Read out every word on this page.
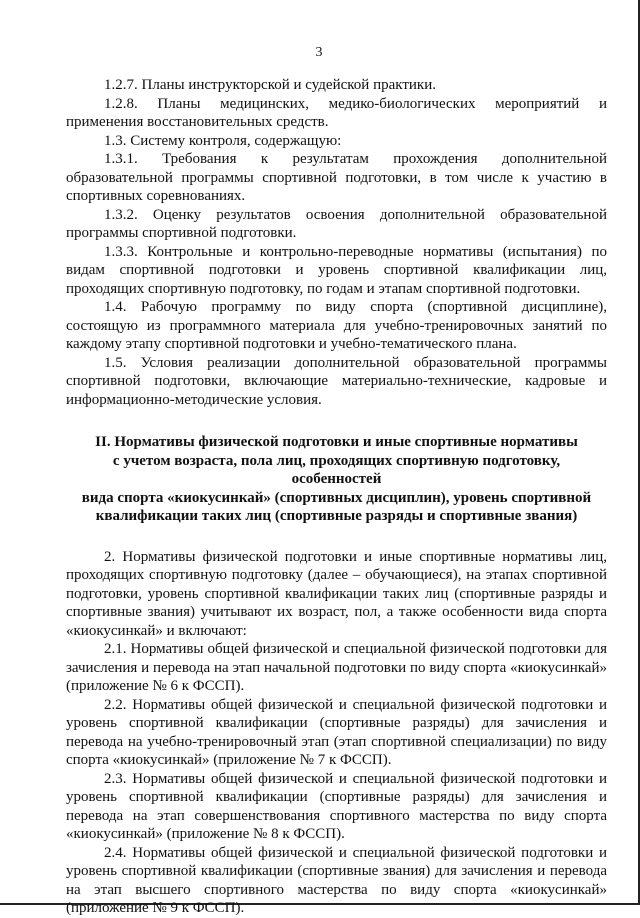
3

1.2.7. Планы инструкторской и судейской практики.

1.2.8. Планы медицинских, медико-биологических мероприятий и применения восстановительных средств.

1.3. Систему контроля, содержащую:

1.3.1. Требования к результатам прохождения дополнительной образовательной программы спортивной подготовки, в том числе к участию в спортивных соревнованиях.

1.3.2. Оценку результатов освоения дополнительной образовательной программы спортивной подготовки.

1.3.3. Контрольные и контрольно-переводные нормативы (испытания) по видам спортивной подготовки и уровень спортивной квалификации лиц, проходящих спортивную подготовку, по годам и этапам спортивной подготовки.

1.4. Рабочую программу по виду спорта (спортивной дисциплине), состоящую из программного материала для учебно-тренировочных занятий по каждому этапу спортивной подготовки и учебно-тематического плана.

1.5. Условия реализации дополнительной образовательной программы спортивной подготовки, включающие материально-технические, кадровые и информационно-методические условия.

II. Нормативы физической подготовки и иные спортивные нормативы
с учетом возраста, пола лиц, проходящих спортивную подготовку, особенностей
вида спорта «киокусинкай» (спортивных дисциплин), уровень спортивной
квалификации таких лиц (спортивные разряды и спортивные звания)

2. Нормативы физической подготовки и иные спортивные нормативы лиц, проходящих спортивную подготовку (далее – обучающиеся), на этапах спортивной подготовки, уровень спортивной квалификации таких лиц (спортивные разряды и спортивные звания) учитывают их возраст, пол, а также особенности вида спорта «киокусинкай» и включают:

2.1. Нормативы общей физической и специальной физической подготовки для зачисления и перевода на этап начальной подготовки по виду спорта «киокусинкай» (приложение № 6 к ФССП).

2.2. Нормативы общей физической и специальной физической подготовки и уровень спортивной квалификации (спортивные разряды) для зачисления и перевода на учебно-тренировочный этап (этап спортивной специализации) по виду спорта «киокусинкай» (приложение № 7 к ФССП).

2.3. Нормативы общей физической и специальной физической подготовки и уровень спортивной квалификации (спортивные разряды) для зачисления и перевода на этап совершенствования спортивного мастерства по виду спорта «киокусинкай» (приложение № 8 к ФССП).

2.4. Нормативы общей физической и специальной физической подготовки и уровень спортивной квалификации (спортивные звания) для зачисления и перевода на этап высшего спортивного мастерства по виду спорта «киокусинкай» (приложение № 9 к ФССП).
